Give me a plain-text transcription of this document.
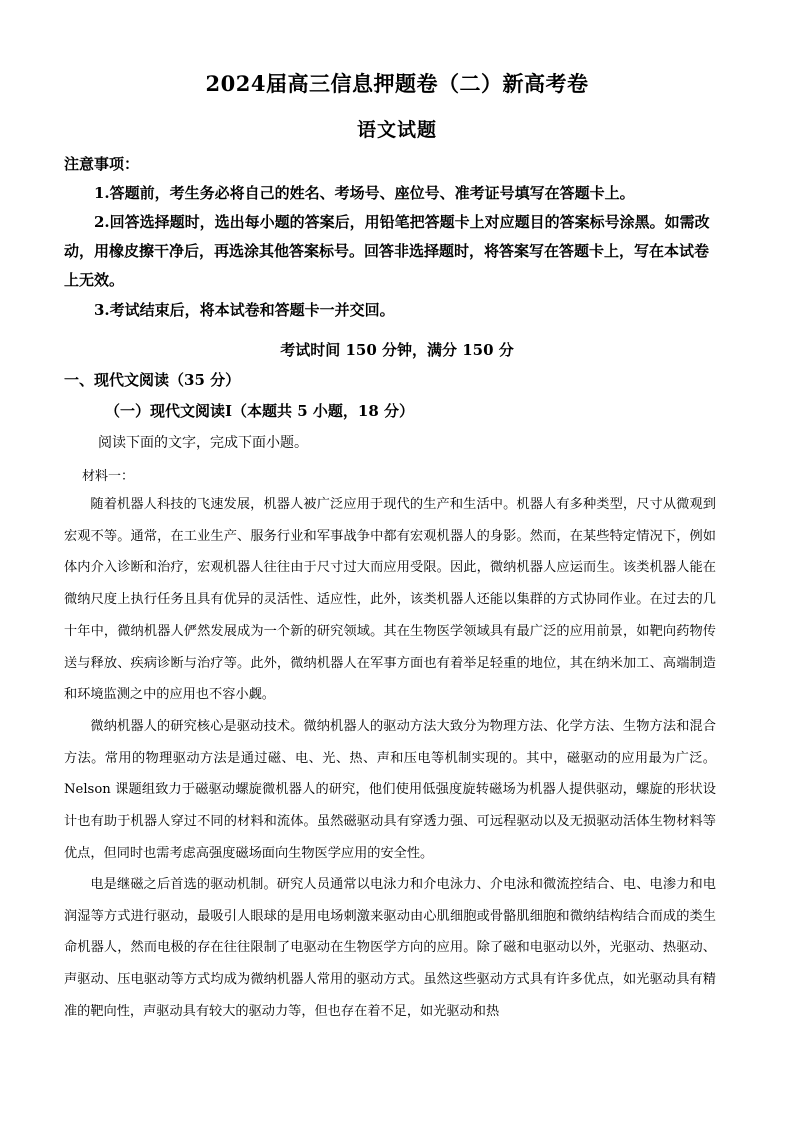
2024届高三信息押题卷（二）新高考卷
语文试题
注意事项：

1.答题前，考生务必将自己的姓名、考场号、座位号、准考证号填写在答题卡上。

2.回答选择题时，选出每小题的答案后，用铅笔把答题卡上对应题目的答案标号涂黑。如需改动，用橡皮擦干净后，再选涂其他答案标号。回答非选择题时，将答案写在答题卡上，写在本试卷上无效。

3.考试结束后，将本试卷和答题卡一并交回。

考试时间 150 分钟，满分 150 分
一、现代文阅读（35 分）
（一）现代文阅读Ⅰ（本题共 5 小题，18 分）
阅读下面的文字，完成下面小题。
材料一：

随着机器人科技的飞速发展，机器人被广泛应用于现代的生产和生活中。机器人有多种类型，尺寸从微观到宏观不等。通常，在工业生产、服务行业和军事战争中都有宏观机器人的身影。然而，在某些特定情况下，例如体内介入诊断和治疗，宏观机器人往往由于尺寸过大而应用受限。因此，微纳机器人应运而生。该类机器人能在微纳尺度上执行任务且具有优异的灵活性、适应性，此外，该类机器人还能以集群的方式协同作业。在过去的几十年中，微纳机器人俨然发展成为一个新的研究领域。其在生物医学领域具有最广泛的应用前景，如靶向药物传送与释放、疾病诊断与治疗等。此外，微纳机器人在军事方面也有着举足轻重的地位，其在纳米加工、高端制造和环境监测之中的应用也不容小觑。

微纳机器人的研究核心是驱动技术。微纳机器人的驱动方法大致分为物理方法、化学方法、生物方法和混合方法。常用的物理驱动方法是通过磁、电、光、热、声和压电等机制实现的。其中，磁驱动的应用最为广泛。Nelson 课题组致力于磁驱动螺旋微机器人的研究，他们使用低强度旋转磁场为机器人提供驱动，螺旋的形状设计也有助于机器人穿过不同的材料和流体。虽然磁驱动具有穿透力强、可远程驱动以及无损驱动活体生物材料等优点，但同时也需考虑高强度磁场面向生物医学应用的安全性。

电是继磁之后首选的驱动机制。研究人员通常以电泳力和介电泳力、介电泳和微流控结合、电、电渗力和电润湿等方式进行驱动，最吸引人眼球的是用电场刺激来驱动由心肌细胞或骨骼肌细胞和微纳结构结合而成的类生命机器人，然而电极的存在往往限制了电驱动在生物医学方向的应用。除了磁和电驱动以外，光驱动、热驱动、声驱动、压电驱动等方式均成为微纳机器人常用的驱动方式。虽然这些驱动方式具有许多优点，如光驱动具有精准的靶向性，声驱动具有较大的驱动力等，但也存在着不足，如光驱动和热
